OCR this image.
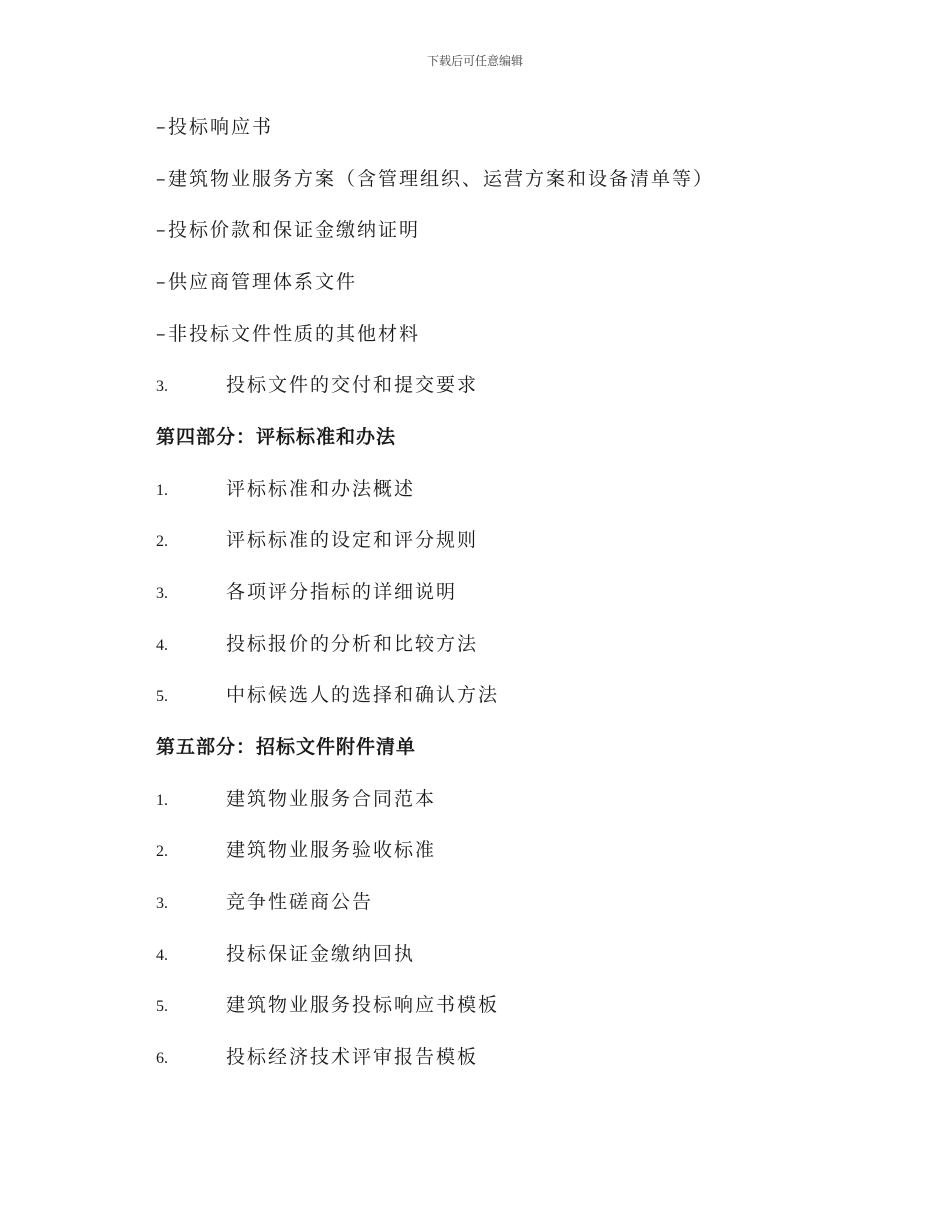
下载后可任意编辑
– 投标响应书
– 建筑物业服务方案（含管理组织、运营方案和设备清单等）
– 投标价款和保证金缴纳证明
– 供应商管理体系文件
– 非投标文件性质的其他材料
3.	投标文件的交付和提交要求
第四部分：评标标准和办法
1.	评标标准和办法概述
2.	评标标准的设定和评分规则
3.	各项评分指标的详细说明
4.	投标报价的分析和比较方法
5.	中标候选人的选择和确认方法
第五部分：招标文件附件清单
1.	建筑物业服务合同范本
2.	建筑物业服务验收标准
3.	竞争性磋商公告
4.	投标保证金缴纳回执
5.	建筑物业服务投标响应书模板
6.	投标经济技术评审报告模板
